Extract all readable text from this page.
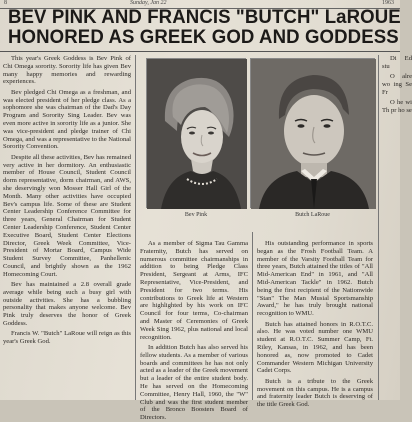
8	Sunday, Jan 22	1963
BEV PINK AND FRANCIS "BUTCH" LaROUE
HONORED AS GREEK GOD AND GODDESS

This year's Greek Goddess is Bev Pink of Chi Omega sorority. Sorority life has given Bev many happy memories and rewarding experiences.

Bev pledged Chi Omega as a freshman, and was elected president of her pledge class. As a sophomore she was chairman of the Dad's Day Program and Sorority Sing Leader. Bev was even more active in sorority life as a junior. She was vice-president and pledge trainer of Chi Omega, and was a representative to the National Sorority Convention.

Despite all these activities, Bev has remained very active in her dormitory. An enthusiastic member of House Council, Student Council dorm representative, dorm chairman, and AWS, she deservingly won Mosser Hall Girl of the Month. Many other activities have occupied Bev's campus life. Some of these are Student Center Leadership Conference Committee for three years, General Chairman for Student Center Leadership Conference, Student Center Executive Board, Student Center Elections Director, Greek Week Committee, Vice-President of Mortar Board, Campus Wide Student Survey Committee, Panhellenic Council, and brightly shown as the 1962 Homecoming Court.

Bev has maintained a 2.8 overall grade average while being such a busy girl with outside activities. She has a bubbling personality that makes anyone welcome. Bev Pink truly deserves the honor of Greek Goddess.

Francis W. "Butch" LaRoue will reign as this year's Greek God.

Bev Pink	Butch LaRoue

As a member of Sigma Tau Gamma Fraternity, Butch has served on numerous committee chairmanships in addition to being Pledge Class President, Sergeant at Arms, IFC Representative, Vice-President, and President for two terms. His contributions to Greek life at Western are highlighted by his work on IFC Council for four terms, Co-chairman and Master of Ceremonies of Greek Week Sing 1962, plus national and local recognition.

In addition Butch has also served his fellow students. As a member of various boards and committees he has not only acted as a leader of the Greek movement but a leader of the entire student body. He has served on the Homecoming Committee, Henry Hall, 1960, the "W" Club and was the first student member of the Bronco Boosters Board of Directors.

His outstanding performance in sports began as the Frosh Football Team. A member of the Varsity Football Team for three years, Butch attained the titles of "All Mid-American End" in 1961, and "All Mid-American Tackle" in 1962. Butch being the first recipient of the Nationwide "Stan" The Man Musial Sportsmanship Award," he has truly brought national recognition to WMU.

Butch has attained honors in R.O.T.C. also. He was voted number one WMU student at R.O.T.C. Summer Camp, Ft. Riley, Kansas, in 1962, and has been honored as, now promoted to Cadet Commander Western Michigan University Cadet Corps.

Butch is a tribute to the Greek movement on this campus. He is a campus and fraternity leader Butch is deserving of the title Greek God.

Di Ed stu

O alre wo ing Se Fr

O he wi Th pr ho se
